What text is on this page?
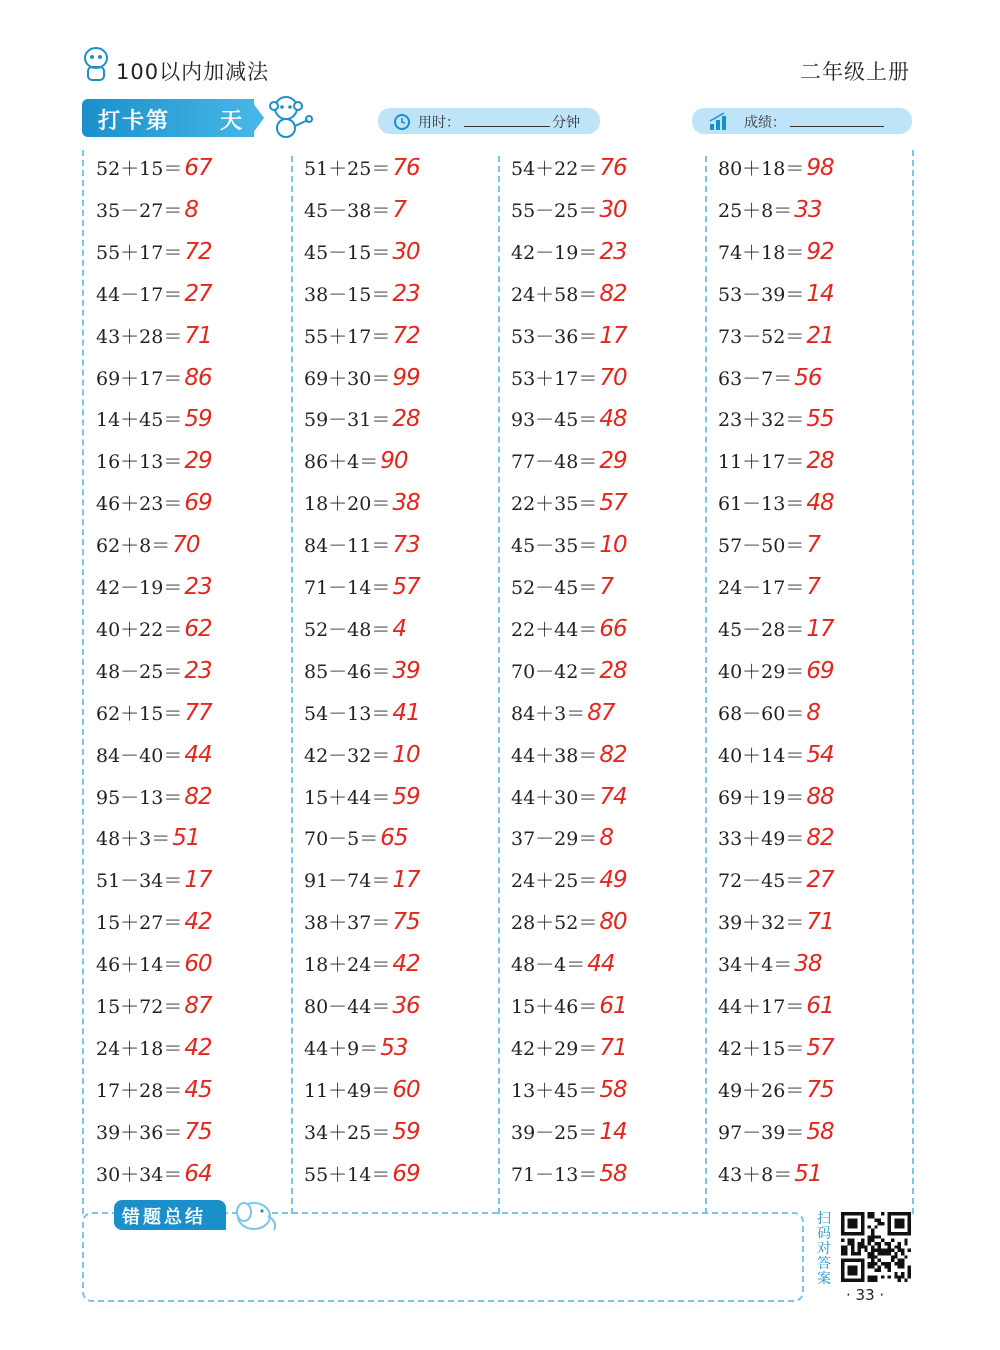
100以内加减法	二年级上册
打卡第 天	用时：	分钟	成绩：
52＋15＝67
35－27＝8
55＋17＝72
44－17＝27
43＋28＝71
69＋17＝86
14＋45＝59
16＋13＝29
46＋23＝69
62＋8＝70
42－19＝23
40＋22＝62
48－25＝23
62＋15＝77
84－40＝44
95－13＝82
48＋3＝51
51－34＝17
15＋27＝42
46＋14＝60
15＋72＝87
24＋18＝42
17＋28＝45
39＋36＝75
30＋34＝64
51＋25＝76
45－38＝7
45－15＝30
38－15＝23
55＋17＝72
69＋30＝99
59－31＝28
86＋4＝90
18＋20＝38
84－11＝73
71－14＝57
52－48＝4
85－46＝39
54－13＝41
42－32＝10
15＋44＝59
70－5＝65
91－74＝17
38＋37＝75
18＋24＝42
80－44＝36
44＋9＝53
11＋49＝60
34＋25＝59
55＋14＝69
54＋22＝76
55－25＝30
42－19＝23
24＋58＝82
53－36＝17
53＋17＝70
93－45＝48
77－48＝29
22＋35＝57
45－35＝10
52－45＝7
22＋44＝66
70－42＝28
84＋3＝87
44＋38＝82
44＋30＝74
37－29＝8
24＋25＝49
28＋52＝80
48－4＝44
15＋46＝61
42＋29＝71
13＋45＝58
39－25＝14
71－13＝58
80＋18＝98
25＋8＝33
74＋18＝92
53－39＝14
73－52＝21
63－7＝56
23＋32＝55
11＋17＝28
61－13＝48
57－50＝7
24－17＝7
45－28＝17
40＋29＝69
68－60＝8
40＋14＝54
69＋19＝88
33＋49＝82
72－45＝27
39＋32＝71
34＋4＝38
44＋17＝61
42＋15＝57
49＋26＝75
97－39＝58
43＋8＝51
错题总结	扫码对答案
· 33 ·
